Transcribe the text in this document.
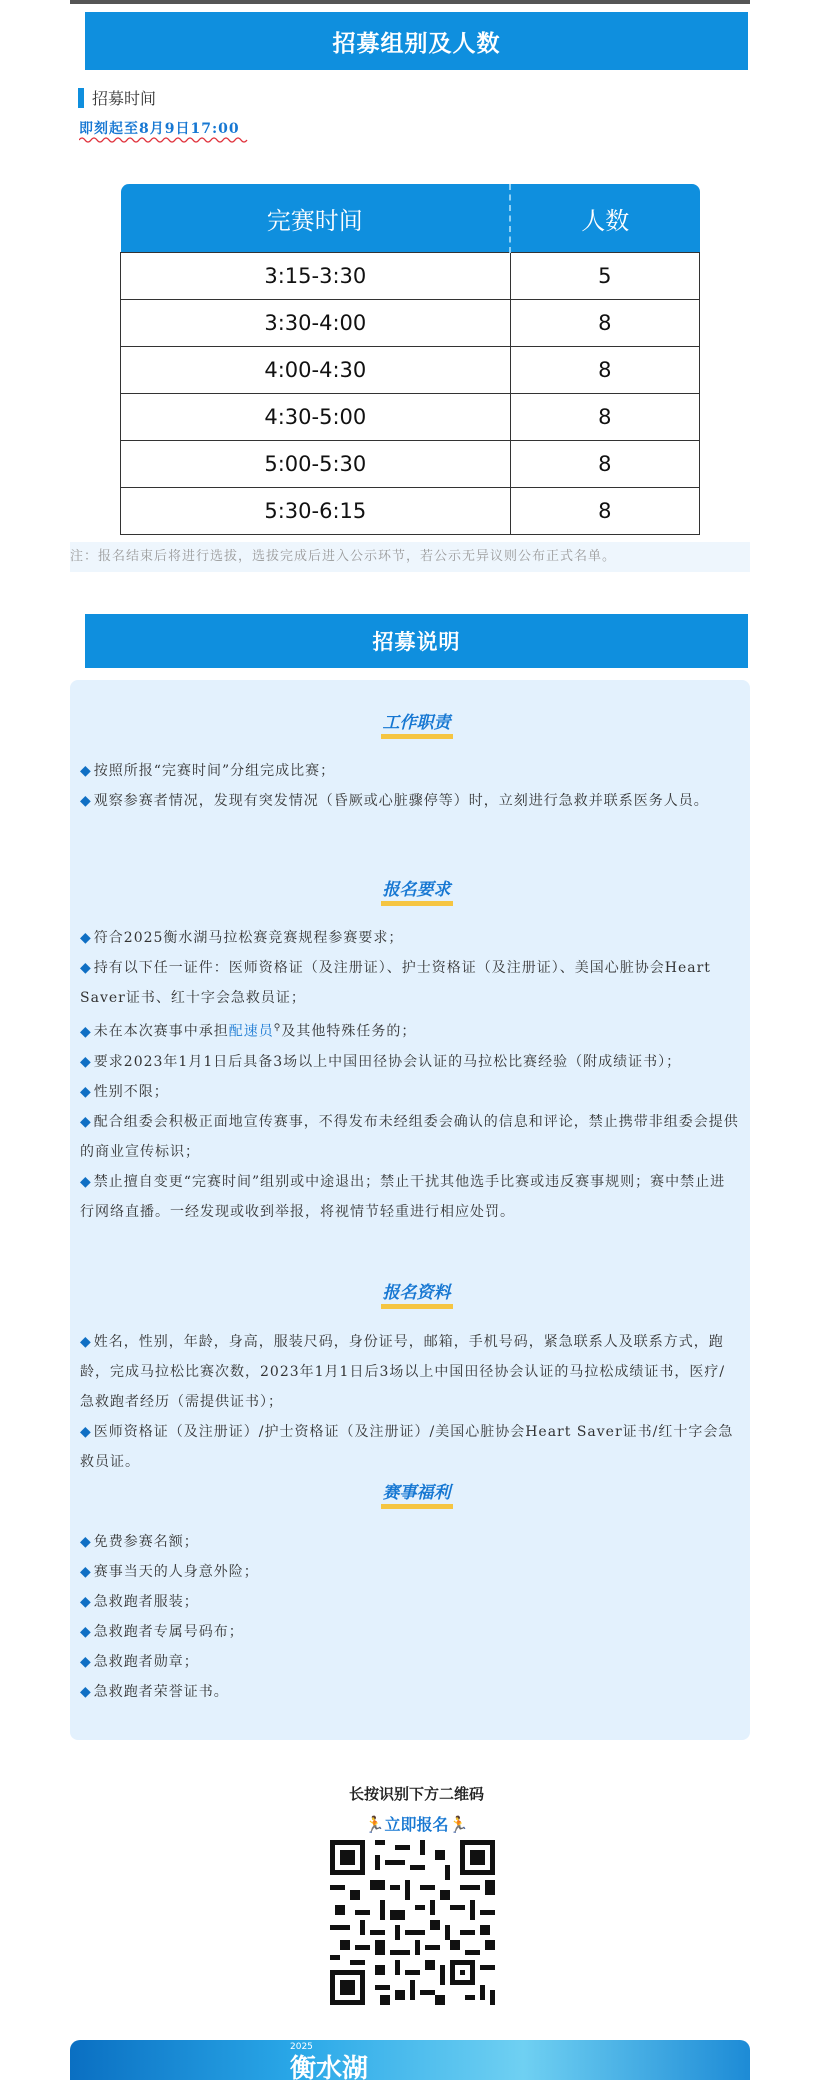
招募组别及人数
招募时间
即刻起至8月9日17:00
完赛时间	人数
3:15-3:30	5
3:30-4:00	8
4:00-4:30	8
4:30-5:00	8
5:00-5:30	8
5:30-6:15	8
注：报名结束后将进行选拔，选拔完成后进入公示环节，若公示无异议则公布正式名单。
招募说明
工作职责

◆ 按照所报“完赛时间”分组完成比赛；

◆ 观察参赛者情况，发现有突发情况（昏厥或心脏骤停等）时，立刻进行急救并联系医务人员。

报名要求

◆ 符合2025衡水湖马拉松赛竞赛规程参赛要求；

◆ 持有以下任一证件：医师资格证（及注册证）、护士资格证（及注册证）、美国心脏协会Heart Saver证书、红十字会急救员证；

◆ 未在本次赛事中承担配速员⚲及其他特殊任务的；

◆ 要求2023年1月1日后具备3场以上中国田径协会认证的马拉松比赛经验（附成绩证书）；

◆ 性别不限；

◆ 配合组委会积极正面地宣传赛事，不得发布未经组委会确认的信息和评论，禁止携带非组委会提供的商业宣传标识；

◆ 禁止擅自变更“完赛时间”组别或中途退出；禁止干扰其他选手比赛或违反赛事规则；赛中禁止进行网络直播。一经发现或收到举报，将视情节轻重进行相应处罚。

报名资料

◆ 姓名，性别，年龄，身高，服装尺码，身份证号，邮箱，手机号码，紧急联系人及联系方式，跑龄，完成马拉松比赛次数，2023年1月1日后3场以上中国田径协会认证的马拉松成绩证书，医疗/急救跑者经历（需提供证书）；

◆ 医师资格证（及注册证）/护士资格证（及注册证）/美国心脏协会Heart Saver证书/红十字会急救员证。

赛事福利

◆ 免费参赛名额；

◆ 赛事当天的人身意外险；

◆ 急救跑者服装；

◆ 急救跑者专属号码布；

◆ 急救跑者勋章；

◆ 急救跑者荣誉证书。

长按识别下方二维码
🏃立即报名🏃
2025
衡水湖
